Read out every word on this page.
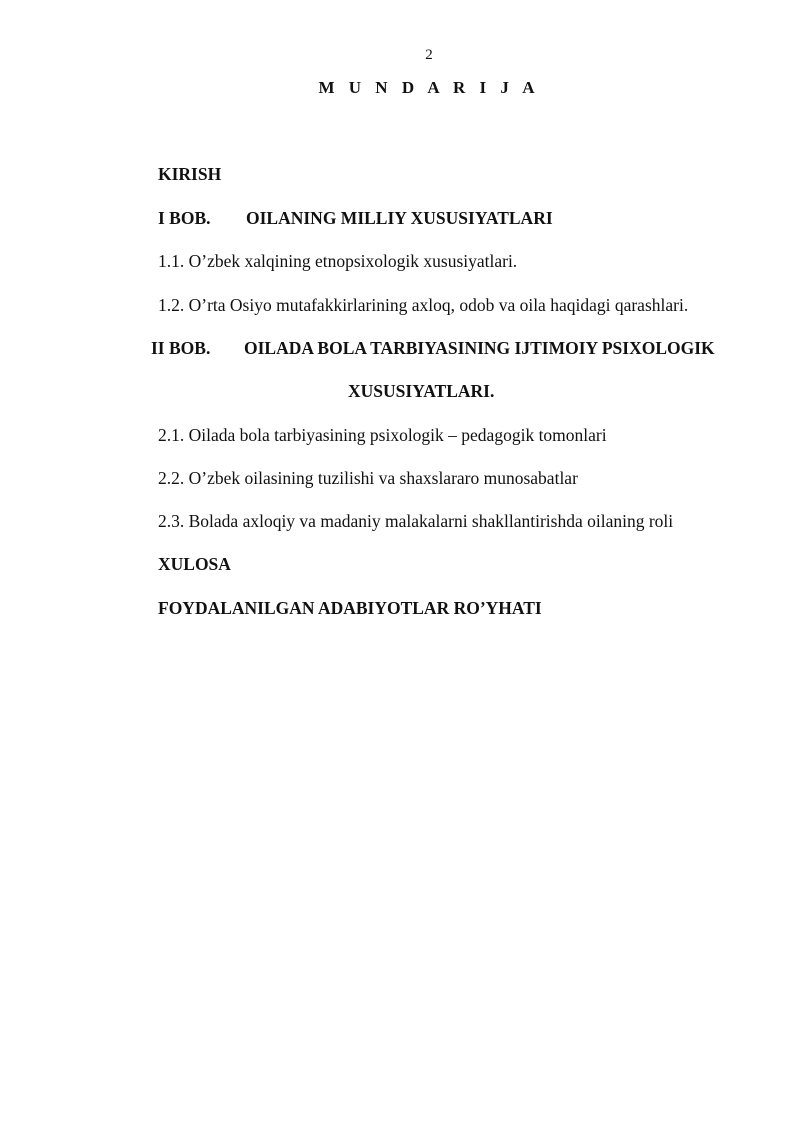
2
M U N D A R I J A
KIRISH
I BOB. OILANING MILLIY XUSUSIYATLARI
1.1. O’zbek xalqining etnopsixologik xususiyatlari.
1.2. O’rta Osiyo mutafakkirlarining axloq, odob va oila haqidagi qarashlari.
II BOB. OILADA BOLA TARBIYASINING IJTIMOIY PSIXOLOGIK
XUSUSIYATLARI.
2.1. Oilada bola tarbiyasining psixologik – pedagogik tomonlari
2.2. O’zbek oilasining tuzilishi va shaxslararo munosabatlar
2.3. Bolada axloqiy va madaniy malakalarni shakllantirishda oilaning roli
XULOSA
FOYDALANILGAN ADABIYOTLAR RO’YHATI
